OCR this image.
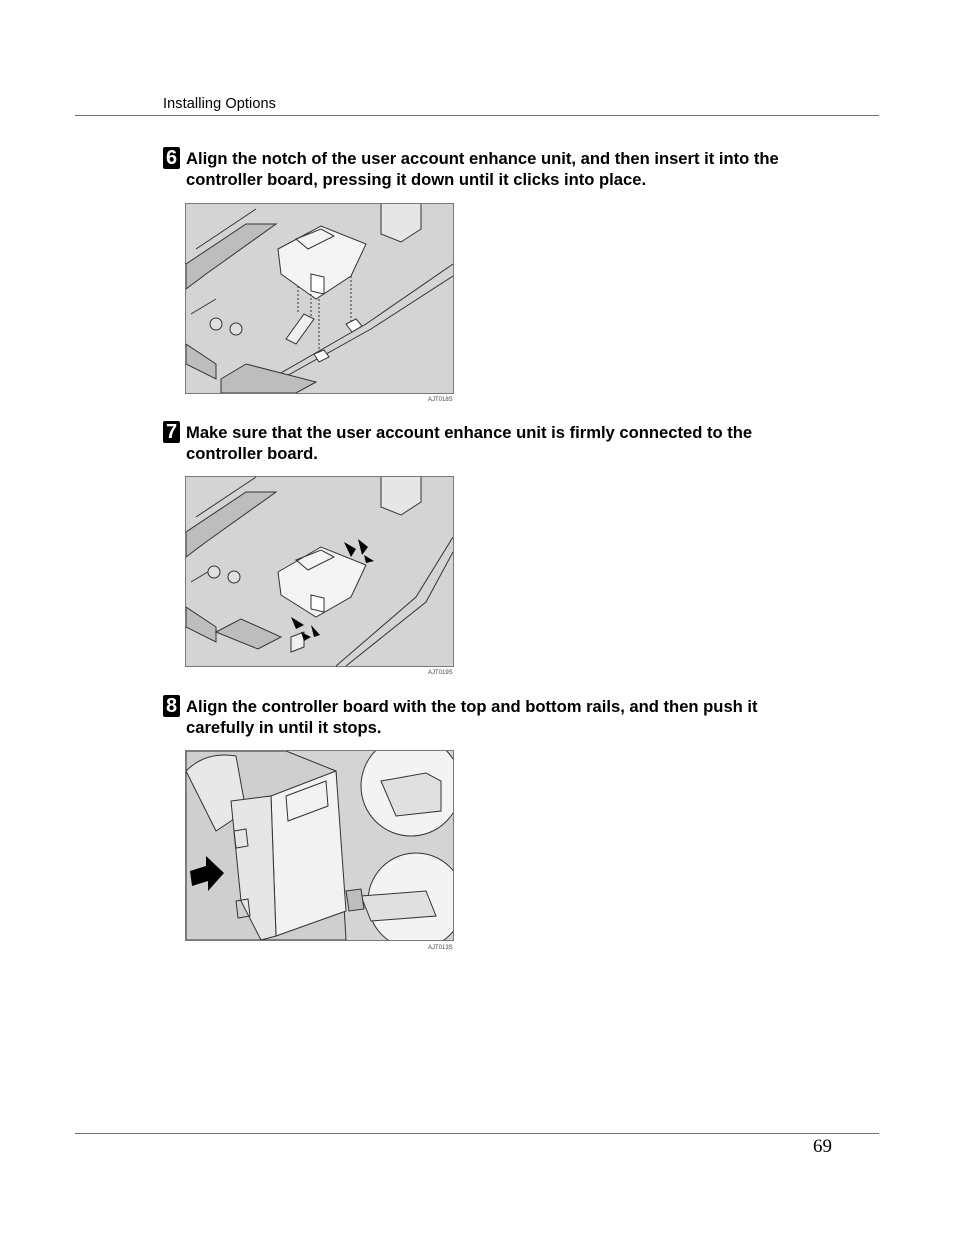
Installing Options
6 Align the notch of the user account enhance unit, and then insert it into the controller board, pressing it down until it clicks into place.
AJT018S
7 Make sure that the user account enhance unit is firmly connected to the controller board.
AJT019S
8 Align the controller board with the top and bottom rails, and then push it carefully in until it stops.
AJT013S
69
